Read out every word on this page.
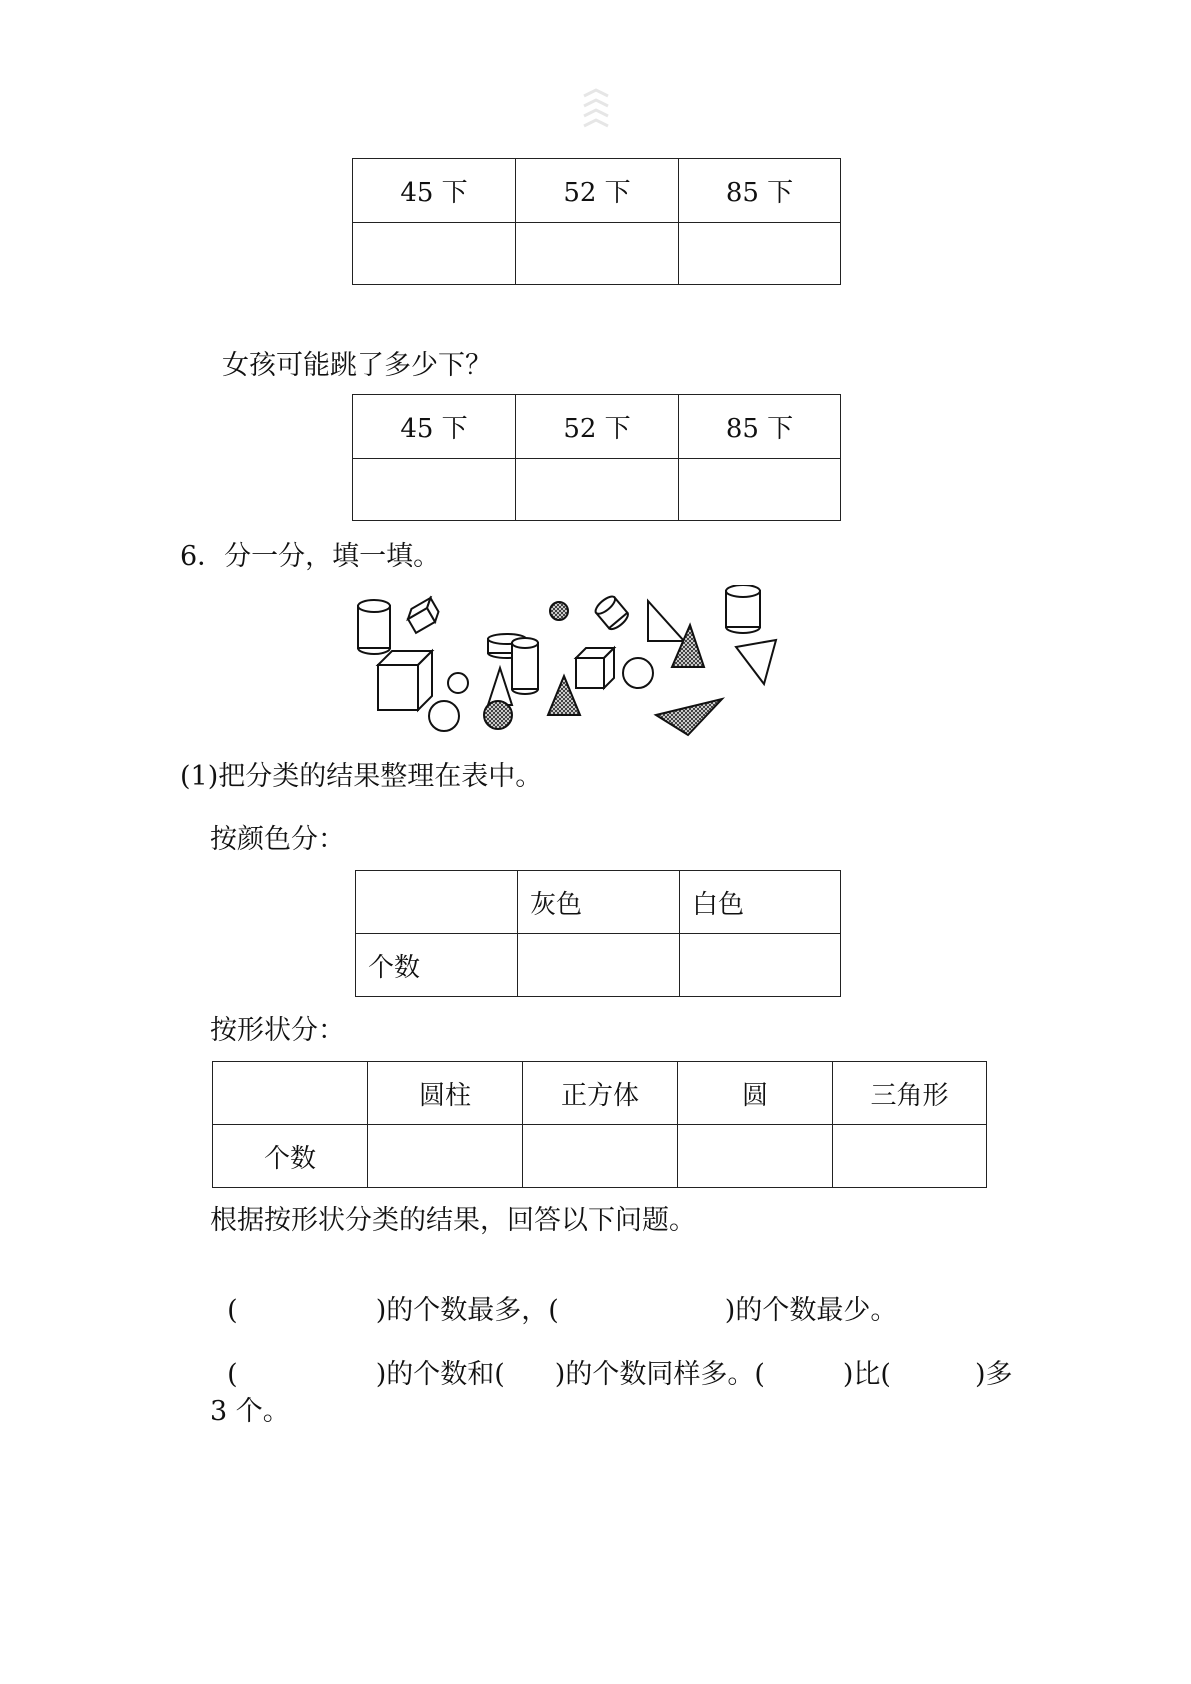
45 下	52 下	85 下

女孩可能跳了多少下？
45 下	52 下	85 下

6．分一分，填一填。
(1)把分类的结果整理在表中。
按颜色分：
	灰色	白色
个数		
按形状分：
	圆柱	正方体	圆	三角形
个数				
根据按形状分类的结果，回答以下问题。

(	)的个数最多，(	)的个数最少。

(	)的个数和( )的个数同样多。(	)比(	)多

3 个。
